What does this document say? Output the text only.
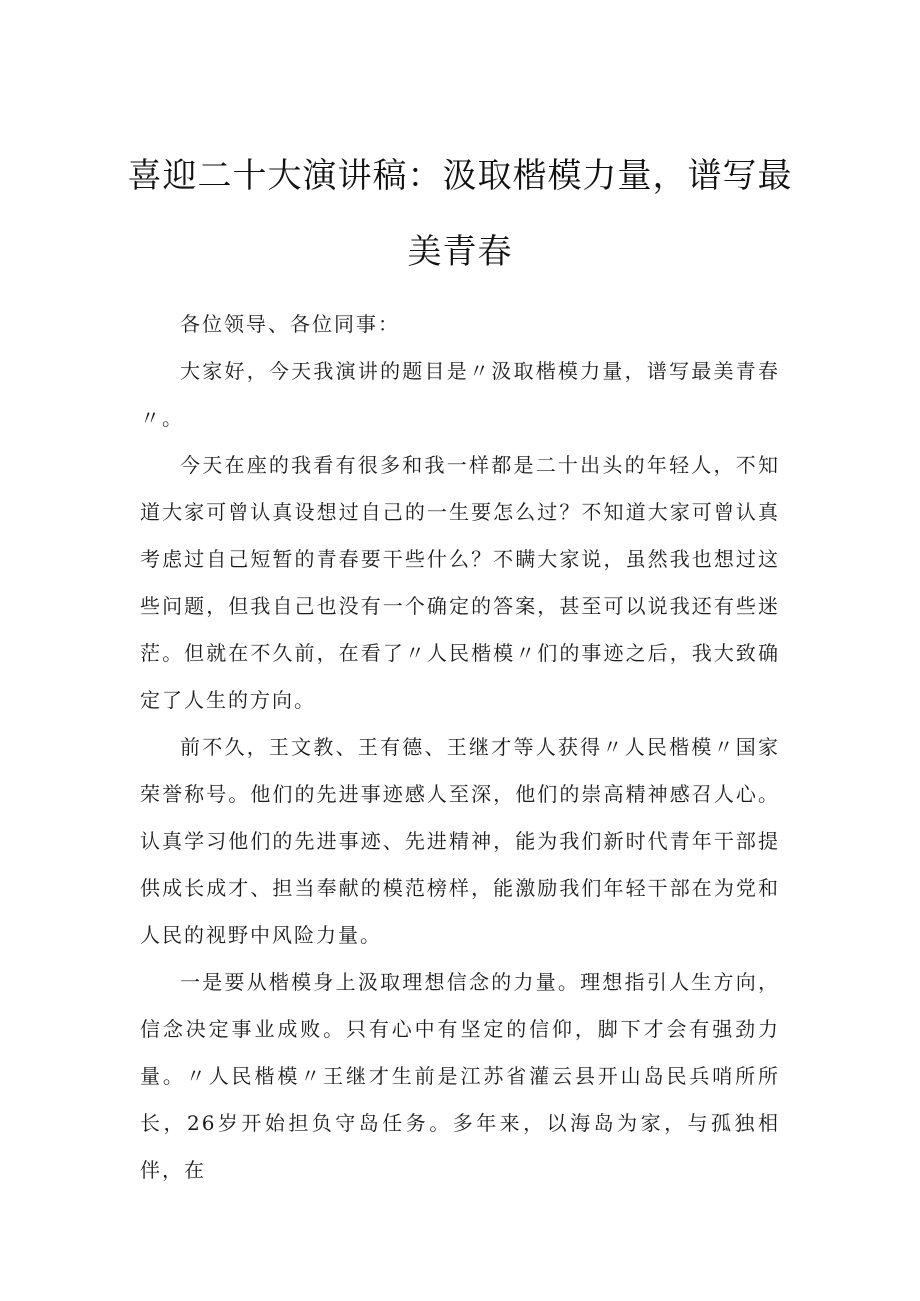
喜迎二十大演讲稿：汲取楷模力量，谱写最美青春

各位领导、各位同事：

大家好，今天我演讲的题目是〃汲取楷模力量，谱写最美青春〃。

今天在座的我看有很多和我一样都是二十出头的年轻人，不知道大家可曾认真设想过自己的一生要怎么过？不知道大家可曾认真考虑过自己短暂的青春要干些什么？不瞒大家说，虽然我也想过这些问题，但我自己也没有一个确定的答案，甚至可以说我还有些迷茫。但就在不久前，在看了〃人民楷模〃们的事迹之后，我大致确定了人生的方向。

前不久，王文教、王有德、王继才等人获得〃人民楷模〃国家荣誉称号。他们的先进事迹感人至深，他们的崇高精神感召人心。认真学习他们的先进事迹、先进精神，能为我们新时代青年干部提供成长成才、担当奉献的模范榜样，能激励我们年轻干部在为党和人民的视野中风险力量。

一是要从楷模身上汲取理想信念的力量。理想指引人生方向，信念决定事业成败。只有心中有坚定的信仰，脚下才会有强劲力量。〃人民楷模〃王继才生前是江苏省灌云县开山岛民兵哨所所长，26岁开始担负守岛任务。多年来，以海岛为家，与孤独相伴，在
